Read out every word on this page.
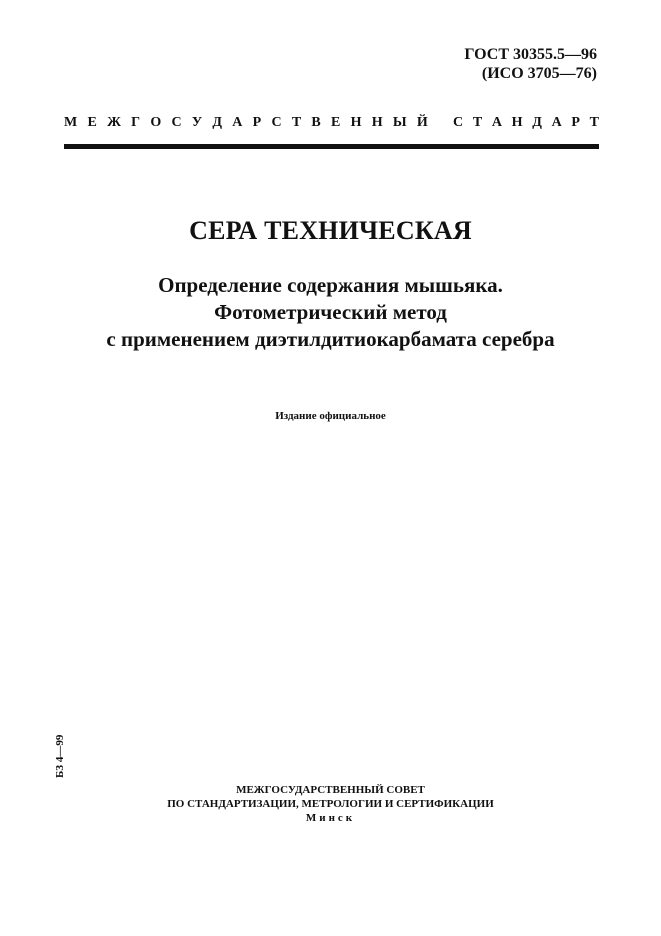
ГОСТ 30355.5—96
(ИСО 3705—76)
М Е Ж Г О С У Д А Р С Т В Е Н Н Ы Й С Т А Н Д А Р Т
СЕРА ТЕХНИЧЕСКАЯ
Определение содержания мышьяка.
Фотометрический метод
с применением диэтилдитиокарбамата серебра
Издание официальное
БЗ 4—99
МЕЖГОСУДАРСТВЕННЫЙ СОВЕТ
ПО СТАНДАРТИЗАЦИИ, МЕТРОЛОГИИ И СЕРТИФИКАЦИИ
Минск
